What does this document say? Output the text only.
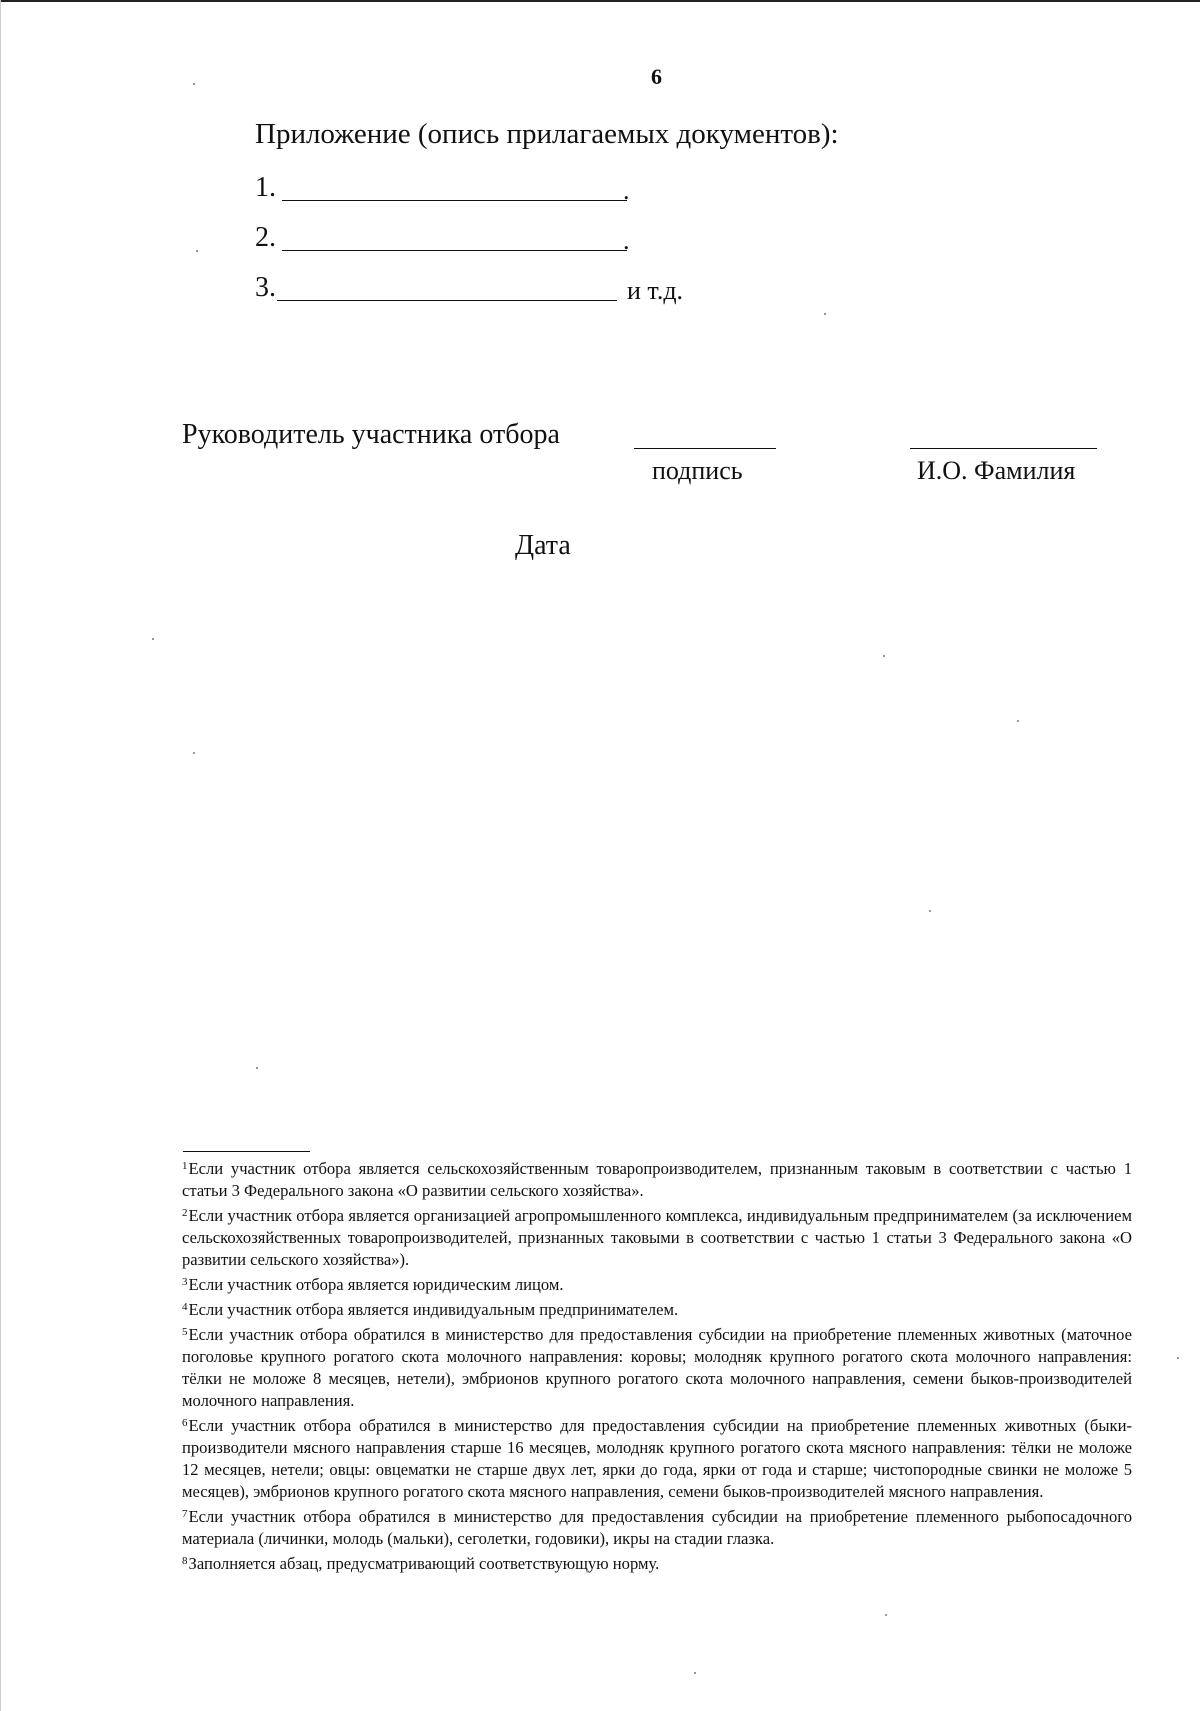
6
Приложение (опись прилагаемых документов):
1.	.
2.	.
3.	и т.д.
Руководитель участника отбора
подпись	И.О. Фамилия
Дата

$^1$Если участник отбора является сельскохозяйственным товаропроизводителем, признанным таковым в соответствии с частью 1 статьи 3 Федерального закона «О развитии сельского хозяйства».

$^2$Если участник отбора является организацией агропромышленного комплекса, индивидуальным предпринимателем (за исключением сельскохозяйственных товаропроизводителей, признанных таковыми в соответствии с частью 1 статьи 3 Федерального закона «О развитии сельского хозяйства»).

$^3$Если участник отбора является юридическим лицом.

$^4$Если участник отбора является индивидуальным предпринимателем.

$^5$Если участник отбора обратился в министерство для предоставления субсидии на приобретение племенных животных (маточное поголовье крупного рогатого скота молочного направления: коровы; молодняк крупного рогатого скота молочного направления: тёлки не моложе 8 месяцев, нетели), эмбрионов крупного рогатого скота молочного направления, семени быков-производителей молочного направления.

$^6$Если участник отбора обратился в министерство для предоставления субсидии на приобретение племенных животных (быки-производители мясного направления старше 16 месяцев, молодняк крупного рогатого скота мясного направления: тёлки не моложе 12 месяцев, нетели; овцы: овцематки не старше двух лет, ярки до года, ярки от года и старше; чистопородные свинки не моложе 5 месяцев), эмбрионов крупного рогатого скота мясного направления, семени быков-производителей мясного направления.

$^7$Если участник отбора обратился в министерство для предоставления субсидии на приобретение племенного рыбопосадочного материала (личинки, молодь (мальки), сеголетки, годовики), икры на стадии глазка.

$^8$Заполняется абзац, предусматривающий соответствующую норму.
